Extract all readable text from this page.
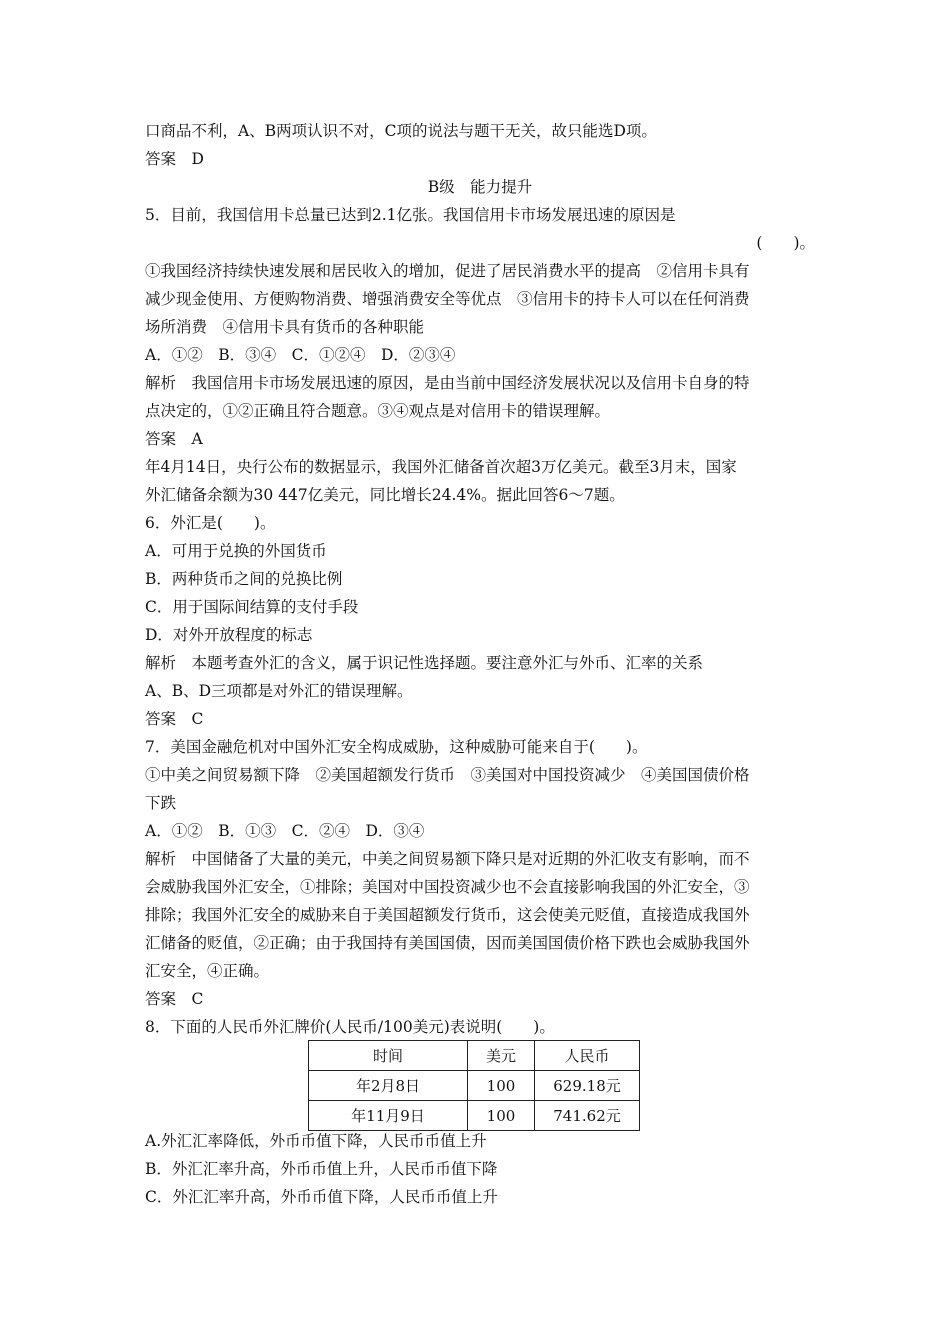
口商品不利，A、B两项认识不对，C项的说法与题干无关，故只能选D项。
答案　D
B级　能力提升
5．目前，我国信用卡总量已达到2.1亿张。我国信用卡市场发展迅速的原因是
(　　)。
①我国经济持续快速发展和居民收入的增加，促进了居民消费水平的提高　②信用卡具有
减少现金使用、方便购物消费、增强消费安全等优点　③信用卡的持卡人可以在任何消费
场所消费　④信用卡具有货币的各种职能
A．①②　B．③④　C．①②④　D．②③④
解析　我国信用卡市场发展迅速的原因，是由当前中国经济发展状况以及信用卡自身的特
点决定的，①②正确且符合题意。③④观点是对信用卡的错误理解。
答案　A
年4月14日，央行公布的数据显示，我国外汇储备首次超3万亿美元。截至3月末，国家
外汇储备余额为30 447亿美元，同比增长24.4%。据此回答6～7题。
6．外汇是(　　)。
A．可用于兑换的外国货币
B．两种货币之间的兑换比例
C．用于国际间结算的支付手段
D．对外开放程度的标志
解析　本题考查外汇的含义，属于识记性选择题。要注意外汇与外币、汇率的关系
A、B、D三项都是对外汇的错误理解。
答案　C
7．美国金融危机对中国外汇安全构成威胁，这种威胁可能来自于(　　)。
①中美之间贸易额下降　②美国超额发行货币　③美国对中国投资减少　④美国国债价格
下跌
A．①②　B．①③　C．②④　D．③④
解析　中国储备了大量的美元，中美之间贸易额下降只是对近期的外汇收支有影响，而不
会威胁我国外汇安全，①排除；美国对中国投资减少也不会直接影响我国的外汇安全，③
排除；我国外汇安全的威胁来自于美国超额发行货币，这会使美元贬值，直接造成我国外
汇储备的贬值，②正确；由于我国持有美国国债，因而美国国债价格下跌也会威胁我国外
汇安全，④正确。
答案　C
8．下面的人民币外汇牌价(人民币/100美元)表说明(　　)。
时间	美元	人民币
年2月8日	100	629.18元
年11月9日	100	741.62元
A.外汇汇率降低，外币币值下降，人民币币值上升
B．外汇汇率升高，外币币值上升，人民币币值下降
C．外汇汇率升高，外币币值下降，人民币币值上升
